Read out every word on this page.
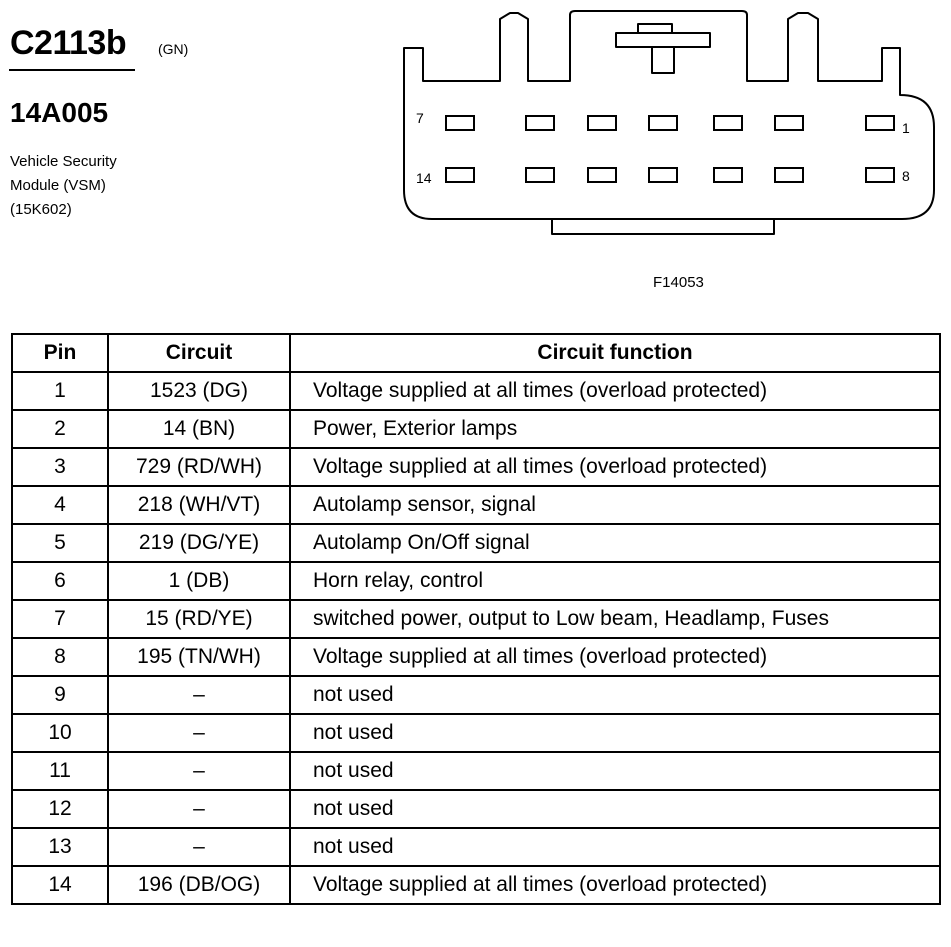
C2113b (GN)
14A005
Vehicle Security
Module (VSM)
(15K602)
7
1
14	8
F14053
Pin	Circuit	Circuit function
1	1523 (DG)	Voltage supplied at all times (overload protected)
2	14 (BN)	Power, Exterior lamps
3	729 (RD/WH)	Voltage supplied at all times (overload protected)
4	218 (WH/VT)	Autolamp sensor, signal
5	219 (DG/YE)	Autolamp On/Off signal
6	1 (DB)	Horn relay, control
7	15 (RD/YE)	switched power, output to Low beam, Headlamp, Fuses
8	195 (TN/WH)	Voltage supplied at all times (overload protected)
9	–	not used
10	–	not used
11	–	not used
12	–	not used
13	–	not used
14	196 (DB/OG)	Voltage supplied at all times (overload protected)
